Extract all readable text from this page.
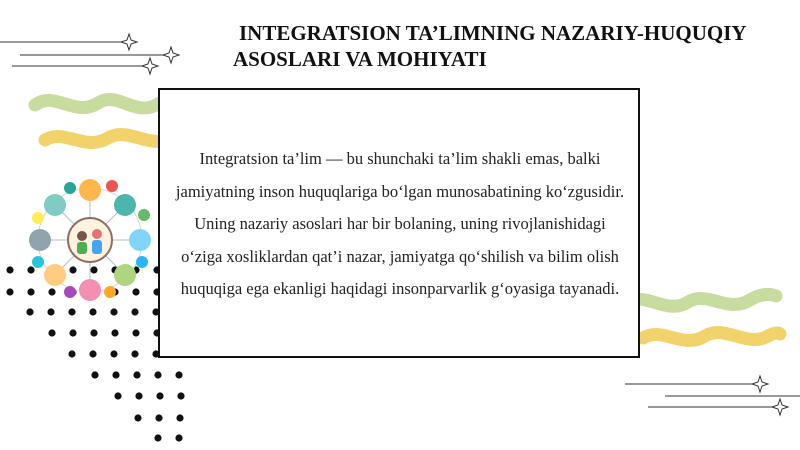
INTEGRATSION TA’LIMNING NAZARIY-HUQUQIY
ASOSLARI VA MOHIYATI

Integratsion ta’lim — bu shunchaki ta’lim shakli emas, balki jamiyatning inson huquqlariga bo‘lgan munosabatining ko‘zgusidir. Uning nazariy asoslari har bir bolaning, uning rivojlanishidagi o‘ziga xosliklardan qat’i nazar, jamiyatga qo‘shilish va bilim olish huquqiga ega ekanligi haqidagi insonparvarlik g‘oyasiga tayanadi.
